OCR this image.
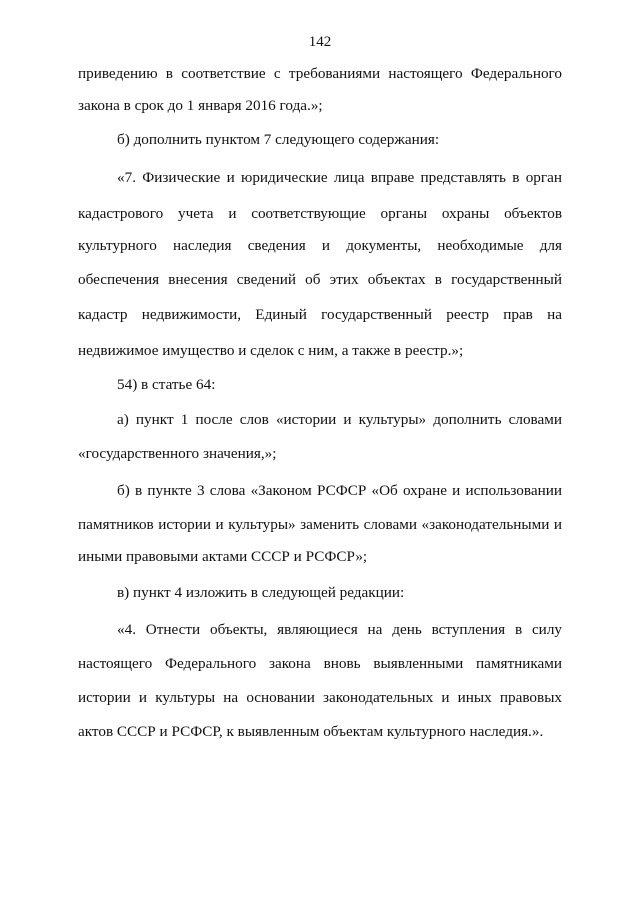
142
приведению в соответствие с требованиями настоящего Федерального
закона в срок до 1 января 2016 года.»;
б) дополнить пунктом 7 следующего содержания:
«7. Физические и юридические лица вправе представлять в орган
кадастрового учета и соответствующие органы охраны объектов
культурного наследия сведения и документы, необходимые для
обеспечения внесения сведений об этих объектах в государственный
кадастр недвижимости, Единый государственный реестр прав на
недвижимое имущество и сделок с ним, а также в реестр.»;
54) в статье 64:
а) пункт 1 после слов «истории и культуры» дополнить словами
«государственного значения,»;
б) в пункте 3 слова «Законом РСФСР «Об охране и использовании
памятников истории и культуры» заменить словами «законодательными и
иными правовыми актами СССР и РСФСР»;
в) пункт 4 изложить в следующей редакции:
«4. Отнести объекты, являющиеся на день вступления в силу
настоящего Федерального закона вновь выявленными памятниками
истории и культуры на основании законодательных и иных правовых
актов СССР и РСФСР, к выявленным объектам культурного наследия.».
